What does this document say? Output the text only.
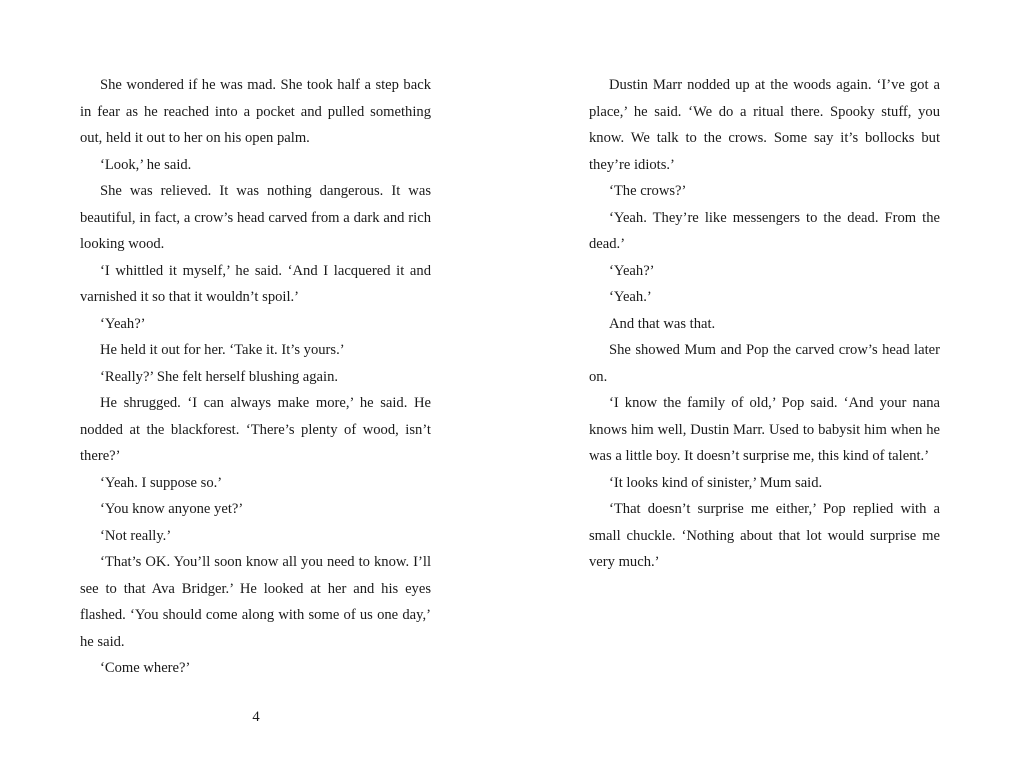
She wondered if he was mad. She took half a step back in fear as he reached into a pocket and pulled something out, held it out to her on his open palm.

‘Look,’ he said.

She was relieved. It was nothing dangerous. It was beautiful, in fact, a crow’s head carved from a dark and rich looking wood.

‘I whittled it myself,’ he said. ‘And I lacquered it and varnished it so that it wouldn’t spoil.’

‘Yeah?’

He held it out for her. ‘Take it. It’s yours.’

‘Really?’ She felt herself blushing again.

He shrugged. ‘I can always make more,’ he said. He nodded at the blackforest. ‘There’s plenty of wood, isn’t there?’

‘Yeah. I suppose so.’

‘You know anyone yet?’

‘Not really.’

‘That’s OK. You’ll soon know all you need to know. I’ll see to that Ava Bridger.’ He looked at her and his eyes flashed. ‘You should come along with some of us one day,’ he said.

‘Come where?’

4

Dustin Marr nodded up at the woods again. ‘I’ve got a place,’ he said. ‘We do a ritual there. Spooky stuff, you know. We talk to the crows. Some say it’s bollocks but they’re idiots.’

‘The crows?’

‘Yeah. They’re like messengers to the dead. From the dead.’

‘Yeah?’

‘Yeah.’

And that was that.

She showed Mum and Pop the carved crow’s head later on.

‘I know the family of old,’ Pop said. ‘And your nana knows him well, Dustin Marr. Used to babysit him when he was a little boy. It doesn’t surprise me, this kind of talent.’

‘It looks kind of sinister,’ Mum said.

‘That doesn’t surprise me either,’ Pop replied with a small chuckle. ‘Nothing about that lot would surprise me very much.’
